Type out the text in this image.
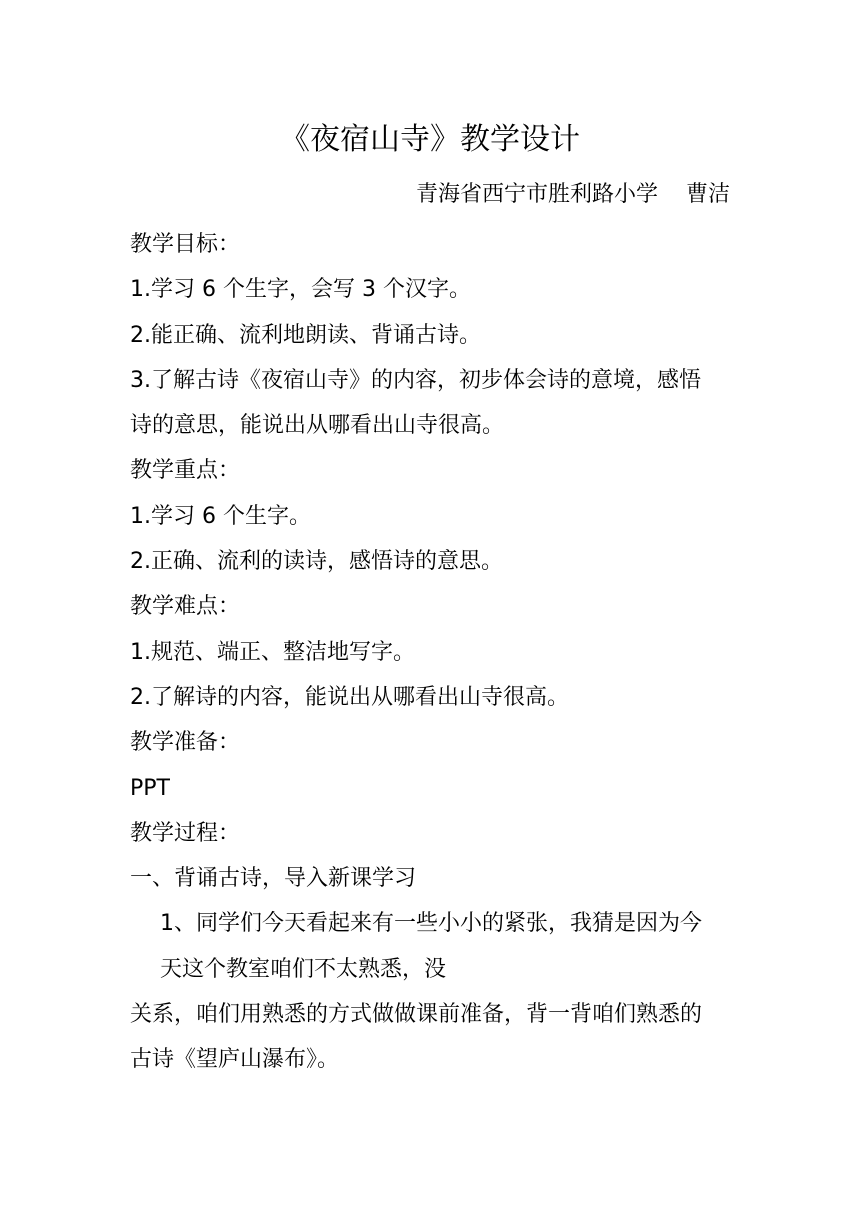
《夜宿山寺》教学设计
青海省西宁市胜利路小学    曹洁

教学目标：

1.学习 6 个生字，会写 3 个汉字。

2.能正确、流利地朗读、背诵古诗。

3.了解古诗《夜宿山寺》的内容，初步体会诗的意境，感悟

诗的意思，能说出从哪看出山寺很高。

教学重点：

1.学习 6 个生字。

2.正确、流利的读诗，感悟诗的意思。

教学难点：

1.规范、端正、整洁地写字。

2.了解诗的内容，能说出从哪看出山寺很高。

教学准备：

PPT

教学过程：

一、背诵古诗，导入新课学习

1、同学们今天看起来有一些小小的紧张，我猜是因为今

天这个教室咱们不太熟悉，没

关系，咱们用熟悉的方式做做课前准备，背一背咱们熟悉的

古诗《望庐山瀑布》。
